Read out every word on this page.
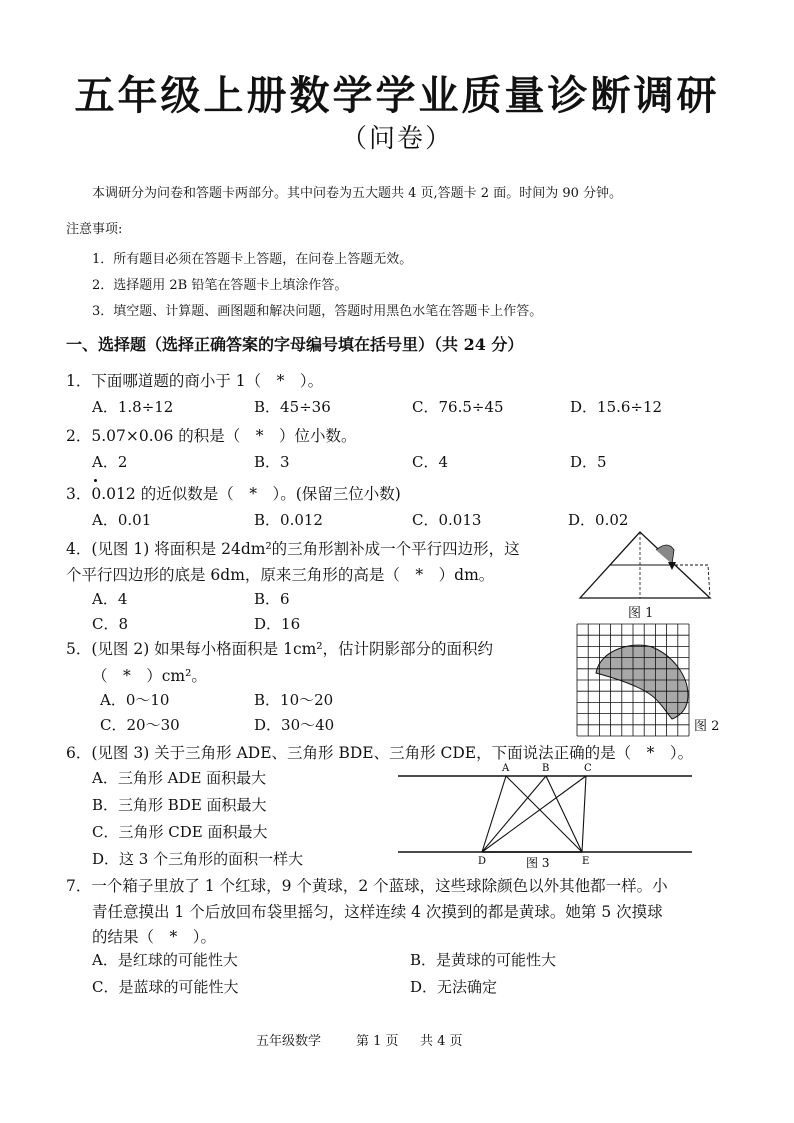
五年级上册数学学业质量诊断调研
（问卷）
本调研分为问卷和答题卡两部分。其中问卷为五大题共 4 页,答题卡 2 面。时间为 90 分钟。
注意事项:
1．所有题目必须在答题卡上答题，在问卷上答题无效。
2．选择题用 2B 铅笔在答题卡上填涂作答。
3．填空题、计算题、画图题和解决问题，答题时用黑色水笔在答题卡上作答。
一、选择题（选择正确答案的字母编号填在括号里）（共 24 分）
1．下面哪道题的商小于 1（　*　）。
A．1.8÷12	B．45÷36	C．76.5÷45	D．15.6÷12
2．5.07×0.06 的积是（　*　）位小数。
A．2	B．3	C．4	D．5
3．0.012 的近似数是（　*　）。(保留三位小数)
A．0.01	B．0.012	C．0.013	D．0.02
4．(见图 1) 将面积是 24dm²的三角形割补成一个平行四边形，这
个平行四边形的底是 6dm，原来三角形的高是（　*　）dm。
A．4	B．6
C．8	D．16
图 1
5．(见图 2) 如果每小格面积是 1cm²，估计阴影部分的面积约
（　*　）cm²。
A．0～10	B．10～20
C．20～30	D．30～40	图 2
6．(见图 3) 关于三角形 ADE、三角形 BDE、三角形 CDE，下面说法正确的是（　*　）。
A．三角形 ADE 面积最大
B．三角形 BDE 面积最大
C．三角形 CDE 面积最大
D．这 3 个三角形的面积一样大
A	B	C
D	E
图 3
7．一个箱子里放了 1 个红球，9 个黄球，2 个蓝球，这些球除颜色以外其他都一样。小
青任意摸出 1 个后放回布袋里摇匀，这样连续 4 次摸到的都是黄球。她第 5 次摸球
的结果（　*　）。
A．是红球的可能性大	B．是黄球的可能性大
C．是蓝球的可能性大	D．无法确定
五年级数学	第 1 页 共 4 页
